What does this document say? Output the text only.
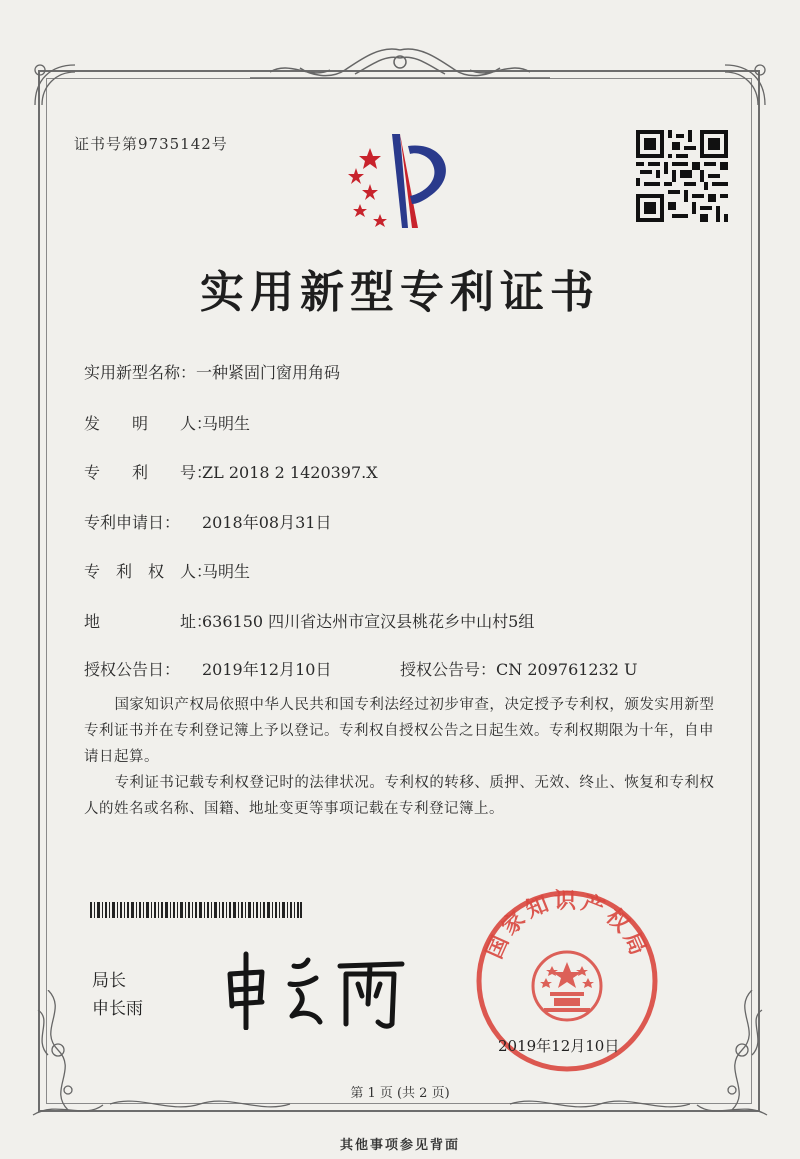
证书号第9735142号
实用新型专利证书
实用新型名称：一种紧固门窗用角码
发　　明　　人：马明生
专　　利　　号：ZL 2018 2 1420397.X
专利申请日： 2018年08月31日
专　利　权　人：马明生
地　　　　　址：636150 四川省达州市宣汉县桃花乡中山村5组
授权公告日： 2019年12月10日	授权公告号：CN 209761232 U
国家知识产权局依照中华人民共和国专利法经过初步审查，决定授予专利权，颁发实用新型专利证书并在专利登记簿上予以登记。专利权自授权公告之日起生效。专利权期限为十年，自申请日起算。
专利证书记载专利权登记时的法律状况。专利权的转移、质押、无效、终止、恢复和专利权人的姓名或名称、国籍、地址变更等事项记载在专利登记簿上。
局长
申长雨
国家知识产权局
2019年12月10日
第 1 页 (共 2 页)
其他事项参见背面
